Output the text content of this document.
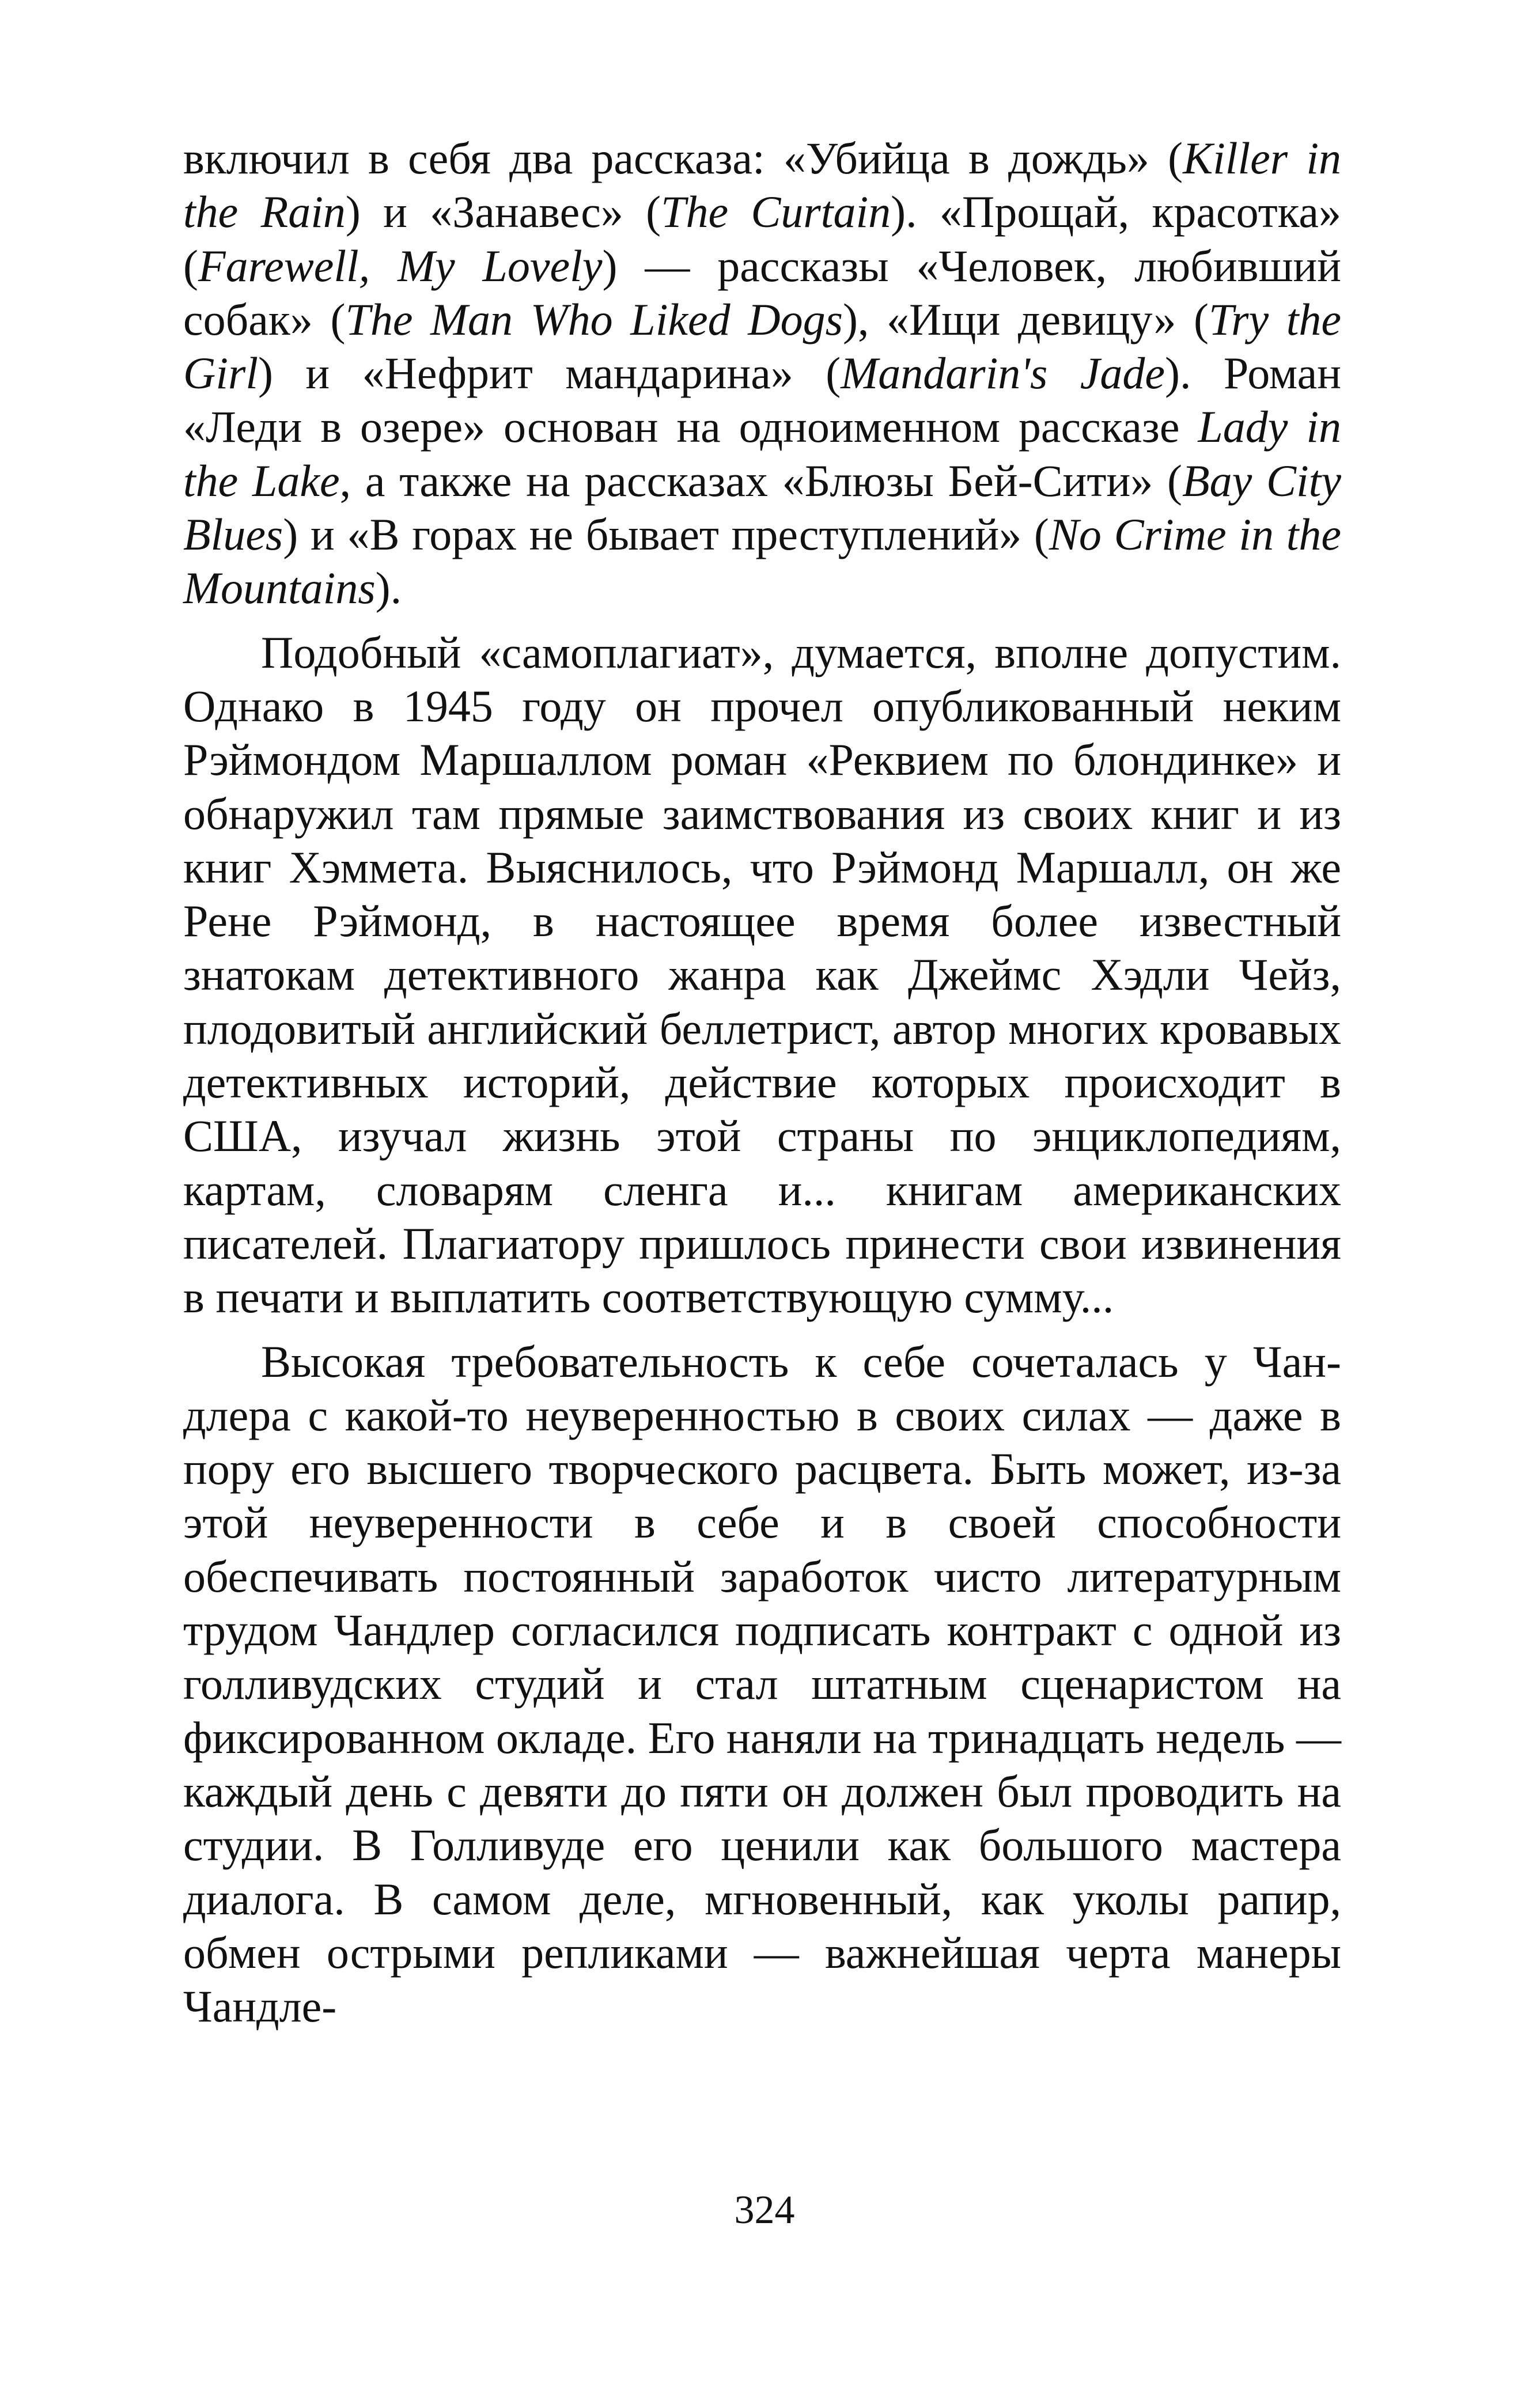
включил в себя два рассказа: «Убийца в дождь» (Killer in the Rain) и «Занавес» (The Curtain). «Прощай, красотка» (Farewell, My Lovely) — рассказы «Человек, любивший собак» (The Man Who Liked Dogs), «Ищи девицу» (Try the Girl) и «Нефрит мандарина» (Mandarin's Jade). Роман «Леди в озере» основан на одноименном рассказе Lady in the Lake, а также на рассказах «Блюзы Бей-Сити» (Bay City Blues) и «В горах не бывает преступлений» (No Crime in the Mountains).

Подобный «самоплагиат», думается, вполне допустим. Однако в 1945 году он прочел опубликованный неким Рэймондом Маршаллом роман «Реквием по блондинке» и обнаружил там прямые заимствования из своих книг и из книг Хэммета. Выяснилось, что Рэймонд Маршалл, он же Рене Рэймонд, в настоящее время более известный знатокам детективного жанра как Джеймс Хэдли Чейз, плодовитый английский беллетрист, автор многих кровавых детективных историй, действие которых происходит в США, изучал жизнь этой страны по энциклопедиям, картам, словарям сленга и... книгам американских писателей. Плагиатору пришлось принести свои извинения в печати и выплатить соответствующую сумму...

Высокая требовательность к себе сочеталась у Чандлера с какой-то неуверенностью в своих силах — даже в пору его высшего творческого расцвета. Быть может, из-за этой неуверенности в себе и в своей способности обеспечивать постоянный заработок чисто литературным трудом Чандлер согласился подписать контракт с одной из голливудских студий и стал штатным сценаристом на фиксированном окладе. Его наняли на тринадцать недель — каждый день с девяти до пяти он должен был проводить на студии. В Голливуде его ценили как большого мастера диалога. В самом деле, мгновенный, как уколы рапир, обмен острыми репликами — важнейшая черта манеры Чандле-

324
